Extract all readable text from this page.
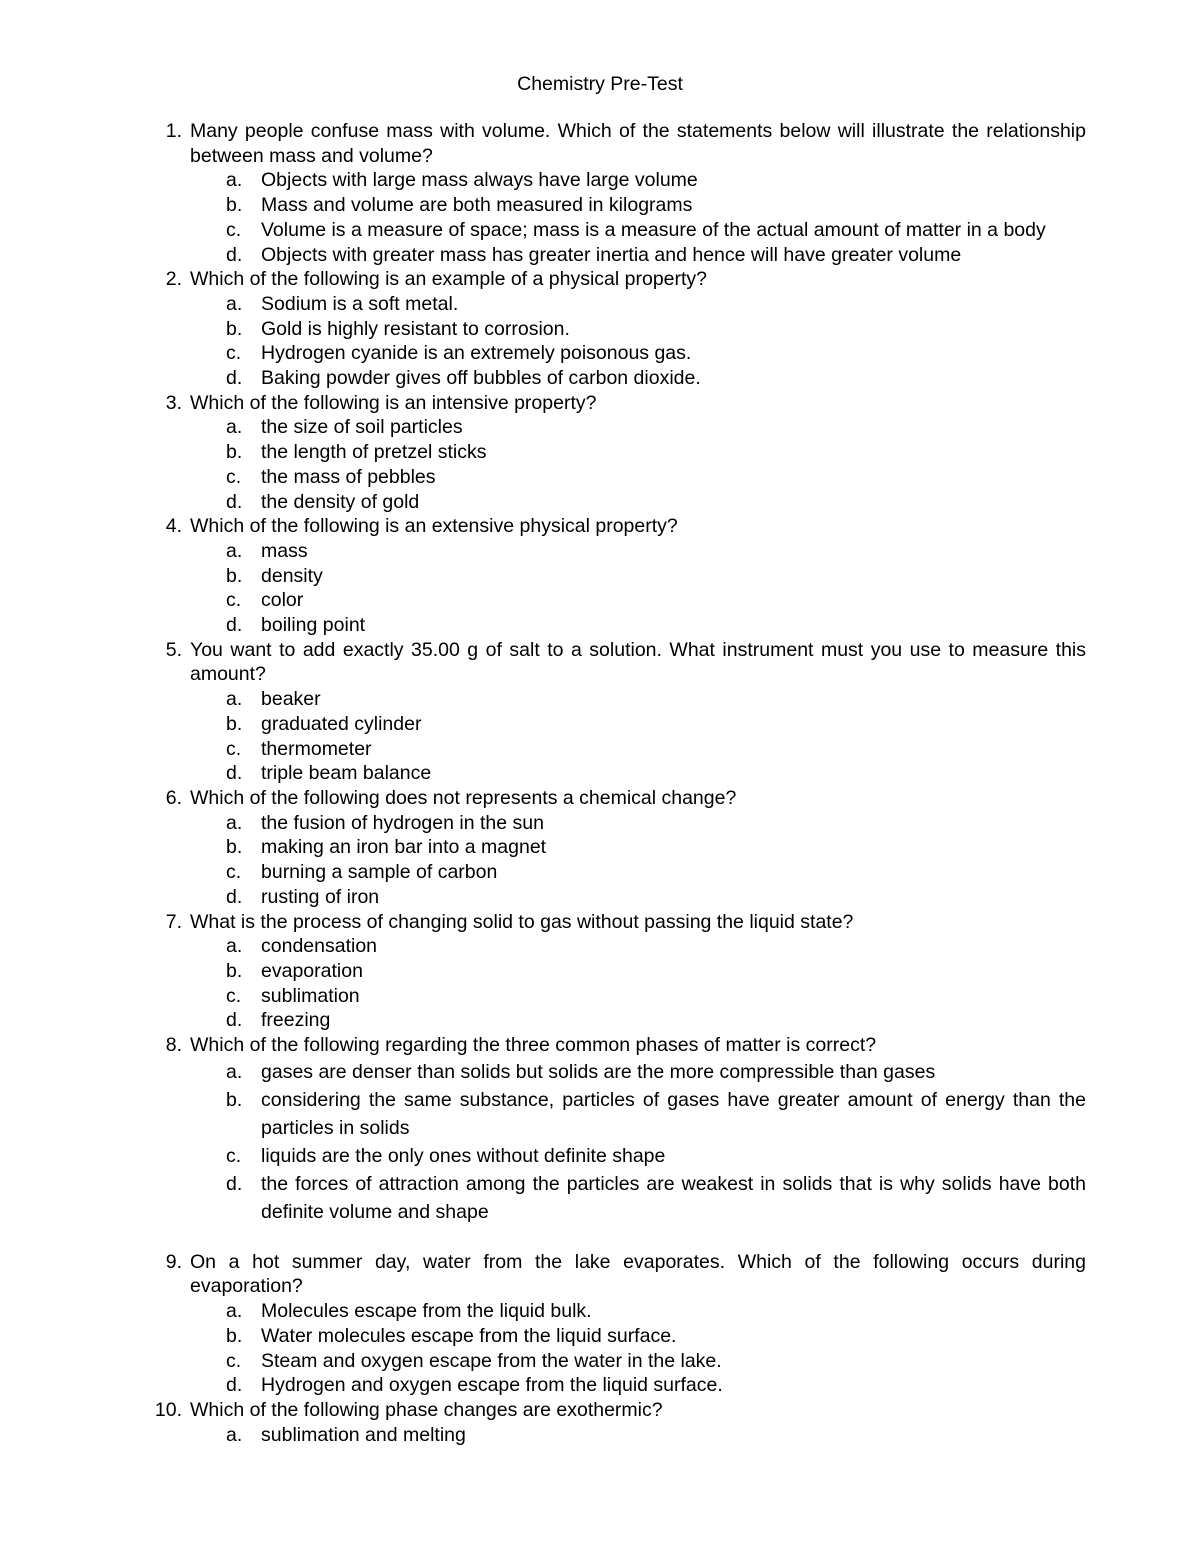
Chemistry Pre-Test
1. Many people confuse mass with volume. Which of the statements below will illustrate the relationship between mass and volume?
a. Objects with large mass always have large volume
b. Mass and volume are both measured in kilograms
c. Volume is a measure of space; mass is a measure of the actual amount of matter in a body
d. Objects with greater mass has greater inertia and hence will have greater volume
2. Which of the following is an example of a physical property?
a. Sodium is a soft metal.
b. Gold is highly resistant to corrosion.
c. Hydrogen cyanide is an extremely poisonous gas.
d. Baking powder gives off bubbles of carbon dioxide.
3. Which of the following is an intensive property?
a. the size of soil particles
b. the length of pretzel sticks
c. the mass of pebbles
d. the density of gold
4. Which of the following is an extensive physical property?
a. mass
b. density
c. color
d. boiling point
5. You want to add exactly 35.00 g of salt to a solution. What instrument must you use to measure this amount?
a. beaker
b. graduated cylinder
c. thermometer
d. triple beam balance
6. Which of the following does not represents a chemical change?
a. the fusion of hydrogen in the sun
b. making an iron bar into a magnet
c. burning a sample of carbon
d. rusting of iron
7. What is the process of changing solid to gas without passing the liquid state?
a. condensation
b. evaporation
c. sublimation
d. freezing
8. Which of the following regarding the three common phases of matter is correct?
a. gases are denser than solids but solids are the more compressible than gases
b. considering the same substance, particles of gases have greater amount of energy than the particles in solids
c. liquids are the only ones without definite shape
d. the forces of attraction among the particles are weakest in solids that is why solids have both definite volume and shape
9. On a hot summer day, water from the lake evaporates. Which of the following occurs during evaporation?
a. Molecules escape from the liquid bulk.
b. Water molecules escape from the liquid surface.
c. Steam and oxygen escape from the water in the lake.
d. Hydrogen and oxygen escape from the liquid surface.
10. Which of the following phase changes are exothermic?
a. sublimation and melting
